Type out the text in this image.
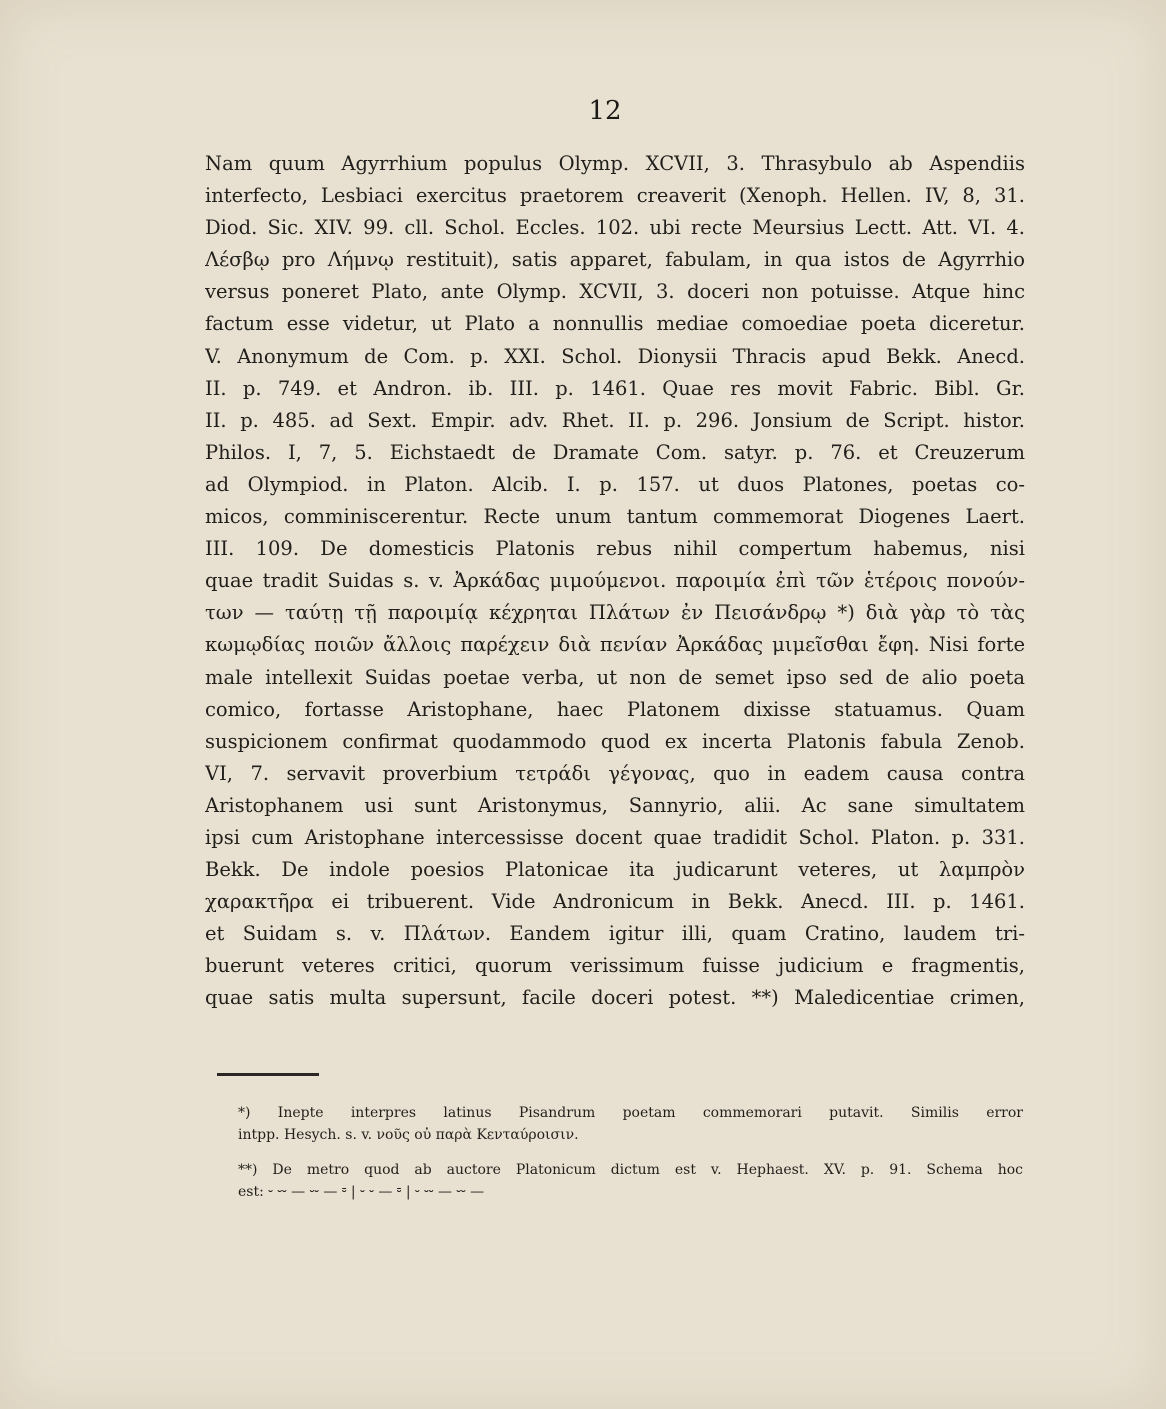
12
Nam quum Agyrrhium populus Olymp. XCVII, 3. Thrasybulo ab Aspendiis
interfecto, Lesbiaci exercitus praetorem creaverit (Xenoph. Hellen. IV, 8, 31.
Diod. Sic. XIV. 99. cll. Schol. Eccles. 102. ubi recte Meursius Lectt. Att. VI. 4.
Λέσβῳ pro Λήμνῳ restituit), satis apparet, fabulam, in qua istos de Agyrrhio
versus poneret Plato, ante Olymp. XCVII, 3. doceri non potuisse. Atque hinc
factum esse videtur, ut Plato a nonnullis mediae comoediae poeta diceretur.
V. Anonymum de Com. p. XXI. Schol. Dionysii Thracis apud Bekk. Anecd.
II. p. 749. et Andron. ib. III. p. 1461. Quae res movit Fabric. Bibl. Gr.
II. p. 485. ad Sext. Empir. adv. Rhet. II. p. 296. Jonsium de Script. histor.
Philos. I, 7, 5. Eichstaedt de Dramate Com. satyr. p. 76. et Creuzerum
ad Olympiod. in Platon. Alcib. I. p. 157. ut duos Platones, poetas co-
micos, comminiscerentur. Recte unum tantum commemorat Diogenes Laert.
III. 109. De domesticis Platonis rebus nihil compertum habemus, nisi
quae tradit Suidas s. v. Ἀρκάδας μιμούμενοι. παροιμία ἐπὶ τῶν ἑτέροις πονούν-
των — ταύτῃ τῇ παροιμίᾳ κέχρηται Πλάτων ἐν Πεισάνδρῳ *) διὰ γὰρ τὸ τὰς
κωμῳδίας ποιῶν ἄλλοις παρέχειν διὰ πενίαν Ἀρκάδας μιμεῖσθαι ἔφη. Nisi forte
male intellexit Suidas poetae verba, ut non de semet ipso sed de alio poeta
comico, fortasse Aristophane, haec Platonem dixisse statuamus. Quam
suspicionem confirmat quodammodo quod ex incerta Platonis fabula Zenob.
VI, 7. servavit proverbium τετράδι γέγονας, quo in eadem causa contra
Aristophanem usi sunt Aristonymus, Sannyrio, alii. Ac sane simultatem
ipsi cum Aristophane intercessisse docent quae tradidit Schol. Platon. p. 331.
Bekk. De indole poesios Platonicae ita judicarunt veteres, ut λαμπρὸν
χαρακτῆρα ei tribuerent. Vide Andronicum in Bekk. Anecd. III. p. 1461.
et Suidam s. v. Πλάτων. Eandem igitur illi, quam Cratino, laudem tri-
buerunt veteres critici, quorum verissimum fuisse judicium e fragmentis,
quae satis multa supersunt, facile doceri potest. **) Maledicentiae crimen,
*) Inepte interpres latinus Pisandrum poetam commemorari putavit. Similis error
intpp. Hesych. s. v. νοῦς οὐ παρὰ Κενταύροισιν.
**) De metro quod ab auctore Platonicum dictum est v. Hephaest. XV. p. 91. Schema hoc
est: ⏑ ⏑⏑ — ⏑⏑ — ⏒ | ⏑ ⏑ — ⏒ | ⏑ ⏑⏑ — ⏑⏑ —
